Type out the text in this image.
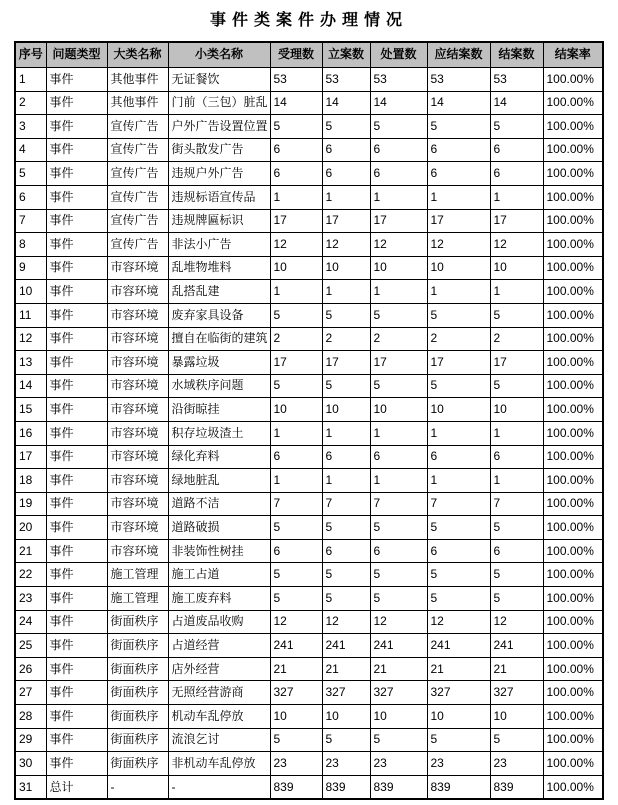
事件类案件办理情况
序号	问题类型	大类名称	小类名称	受理数	立案数	处置数	应结案数	结案数	结案率
1	事件	其他事件	无证餐饮	53	53	53	53	53	100.00%
2	事件	其他事件	门前（三包）脏乱	14	14	14	14	14	100.00%
3	事件	宣传广告	户外广告设置位置	5	5	5	5	5	100.00%
4	事件	宣传广告	街头散发广告	6	6	6	6	6	100.00%
5	事件	宣传广告	违规户外广告	6	6	6	6	6	100.00%
6	事件	宣传广告	违规标语宣传品	1	1	1	1	1	100.00%
7	事件	宣传广告	违规牌匾标识	17	17	17	17	17	100.00%
8	事件	宣传广告	非法小广告	12	12	12	12	12	100.00%
9	事件	市容环境	乱堆物堆料	10	10	10	10	10	100.00%
10	事件	市容环境	乱搭乱建	1	1	1	1	1	100.00%
11	事件	市容环境	废弃家具设备	5	5	5	5	5	100.00%
12	事件	市容环境	擅自在临街的建筑	2	2	2	2	2	100.00%
13	事件	市容环境	暴露垃圾	17	17	17	17	17	100.00%
14	事件	市容环境	水域秩序问题	5	5	5	5	5	100.00%
15	事件	市容环境	沿街晾挂	10	10	10	10	10	100.00%
16	事件	市容环境	积存垃圾渣土	1	1	1	1	1	100.00%
17	事件	市容环境	绿化弃料	6	6	6	6	6	100.00%
18	事件	市容环境	绿地脏乱	1	1	1	1	1	100.00%
19	事件	市容环境	道路不洁	7	7	7	7	7	100.00%
20	事件	市容环境	道路破损	5	5	5	5	5	100.00%
21	事件	市容环境	非装饰性树挂	6	6	6	6	6	100.00%
22	事件	施工管理	施工占道	5	5	5	5	5	100.00%
23	事件	施工管理	施工废弃料	5	5	5	5	5	100.00%
24	事件	街面秩序	占道废品收购	12	12	12	12	12	100.00%
25	事件	街面秩序	占道经营	241	241	241	241	241	100.00%
26	事件	街面秩序	店外经营	21	21	21	21	21	100.00%
27	事件	街面秩序	无照经营游商	327	327	327	327	327	100.00%
28	事件	街面秩序	机动车乱停放	10	10	10	10	10	100.00%
29	事件	街面秩序	流浪乞讨	5	5	5	5	5	100.00%
30	事件	街面秩序	非机动车乱停放	23	23	23	23	23	100.00%
31	总计	-	-	839	839	839	839	839	100.00%
